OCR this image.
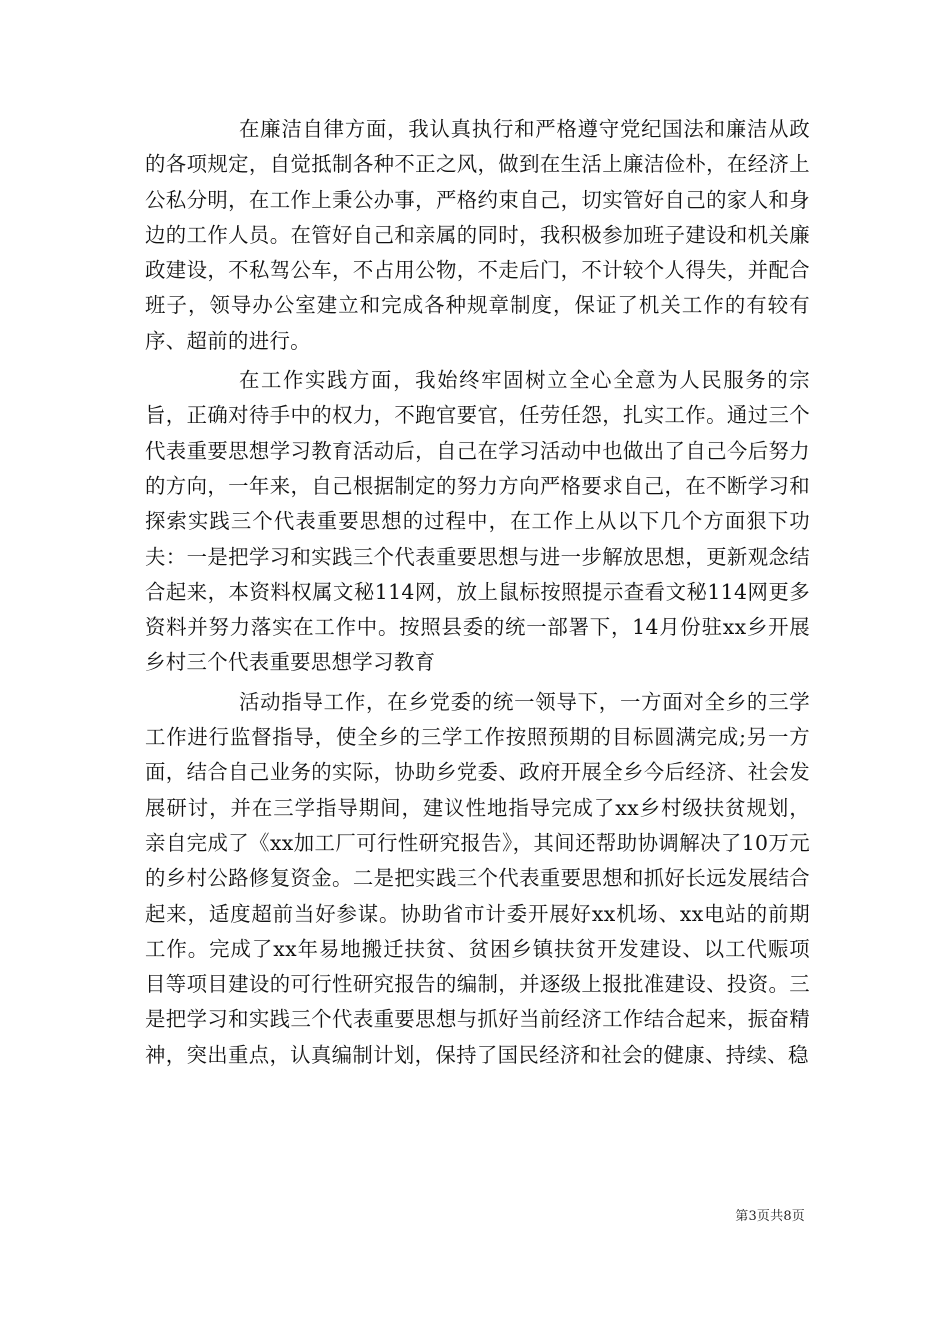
在廉洁自律方面，我认真执行和严格遵守党纪国法和廉洁从政的各项规定，自觉抵制各种不正之风，做到在生活上廉洁俭朴，在经济上公私分明，在工作上秉公办事，严格约束自己，切实管好自己的家人和身边的工作人员。在管好自己和亲属的同时，我积极参加班子建设和机关廉政建设，不私驾公车，不占用公物，不走后门，不计较个人得失，并配合班子，领导办公室建立和完成各种规章制度，保证了机关工作的有较有序、超前的进行。

在工作实践方面，我始终牢固树立全心全意为人民服务的宗旨，正确对待手中的权力，不跑官要官，任劳任怨，扎实工作。通过三个代表重要思想学习教育活动后，自己在学习活动中也做出了自己今后努力的方向，一年来，自己根据制定的努力方向严格要求自己，在不断学习和探索实践三个代表重要思想的过程中，在工作上从以下几个方面狠下功夫：一是把学习和实践三个代表重要思想与进一步解放思想，更新观念结合起来，本资料权属文秘114网，放上鼠标按照提示查看文秘114网更多资料并努力落实在工作中。按照县委的统一部署下，14月份驻xx乡开展乡村三个代表重要思想学习教育

活动指导工作，在乡党委的统一领导下，一方面对全乡的三学工作进行监督指导，使全乡的三学工作按照预期的目标圆满完成;另一方面，结合自己业务的实际，协助乡党委、政府开展全乡今后经济、社会发展研讨，并在三学指导期间，建议性地指导完成了xx乡村级扶贫规划，亲自完成了《xx加工厂可行性研究报告》，其间还帮助协调解决了10万元的乡村公路修复资金。二是把实践三个代表重要思想和抓好长远发展结合起来，适度超前当好参谋。协助省市计委开展好xx机场、xx电站的前期工作。完成了xx年易地搬迁扶贫、贫困乡镇扶贫开发建设、以工代赈项目等项目建设的可行性研究报告的编制，并逐级上报批准建设、投资。三是把学习和实践三个代表重要思想与抓好当前经济工作结合起来，振奋精神，突出重点，认真编制计划，保持了国民经济和社会的健康、持续、稳

第3页共8页
